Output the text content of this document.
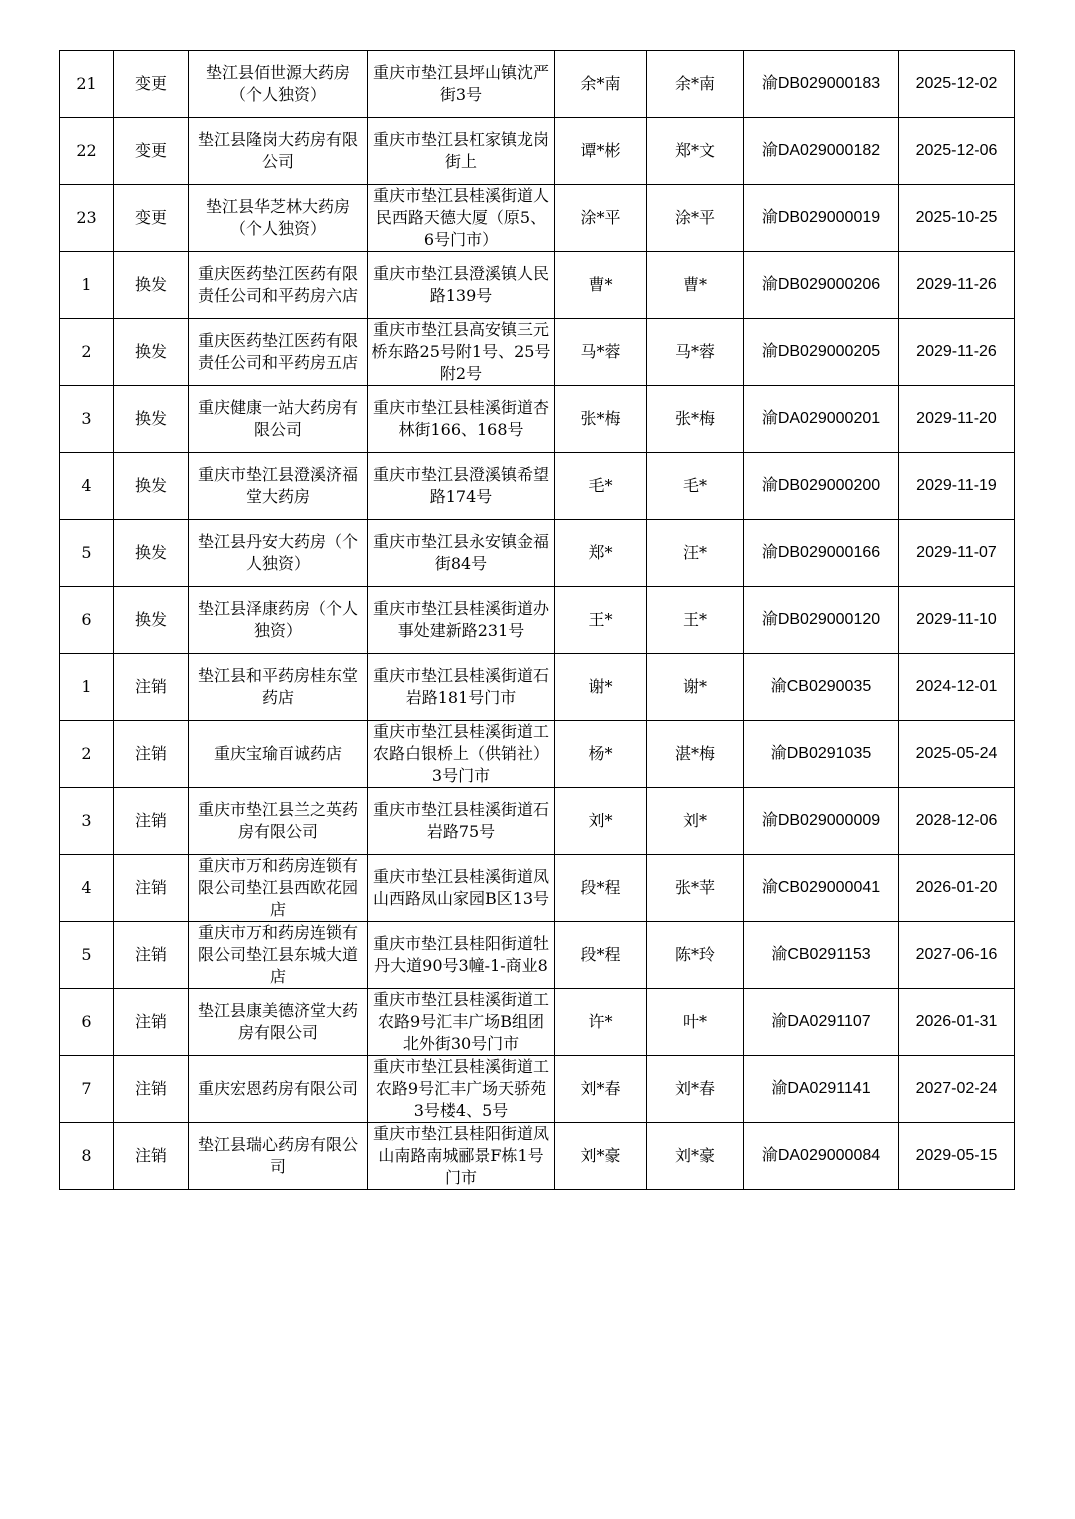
21	变更	垫江县佰世源大药房（个人独资）	重庆市垫江县坪山镇沈严街3号	余*南	余*南	渝DB029000183	2025-12-02
22	变更	垫江县隆岗大药房有限公司	重庆市垫江县杠家镇龙岗街上	谭*彬	郑*文	渝DA029000182	2025-12-06
23	变更	垫江县华芝林大药房（个人独资）	重庆市垫江县桂溪街道人民西路天德大厦（原5、6号门市）	涂*平	涂*平	渝DB029000019	2025-10-25
1	换发	重庆医药垫江医药有限责任公司和平药房六店	重庆市垫江县澄溪镇人民路139号	曹*	曹*	渝DB029000206	2029-11-26
2	换发	重庆医药垫江医药有限责任公司和平药房五店	重庆市垫江县高安镇三元桥东路25号附1号、25号附2号	马*蓉	马*蓉	渝DB029000205	2029-11-26
3	换发	重庆健康一站大药房有限公司	重庆市垫江县桂溪街道杏林街166、168号	张*梅	张*梅	渝DA029000201	2029-11-20
4	换发	重庆市垫江县澄溪济福堂大药房	重庆市垫江县澄溪镇希望路174号	毛*	毛*	渝DB029000200	2029-11-19
5	换发	垫江县丹安大药房（个人独资）	重庆市垫江县永安镇金福街84号	郑*	汪*	渝DB029000166	2029-11-07
6	换发	垫江县泽康药房（个人独资）	重庆市垫江县桂溪街道办事处建新路231号	王*	王*	渝DB029000120	2029-11-10
1	注销	垫江县和平药房桂东堂药店	重庆市垫江县桂溪街道石岩路181号门市	谢*	谢*	渝CB0290035	2024-12-01
2	注销	重庆宝瑜百诚药店	重庆市垫江县桂溪街道工农路白银桥上（供销社）3号门市	杨*	湛*梅	渝DB0291035	2025-05-24
3	注销	重庆市垫江县兰之英药房有限公司	重庆市垫江县桂溪街道石岩路75号	刘*	刘*	渝DB029000009	2028-12-06
4	注销	重庆市万和药房连锁有限公司垫江县西欧花园店	重庆市垫江县桂溪街道凤山西路凤山家园B区13号	段*程	张*苹	渝CB029000041	2026-01-20
5	注销	重庆市万和药房连锁有限公司垫江县东城大道店	重庆市垫江县桂阳街道牡丹大道90号3幢-1-商业8	段*程	陈*玲	渝CB0291153	2027-06-16
6	注销	垫江县康美德济堂大药房有限公司	重庆市垫江县桂溪街道工农路9号汇丰广场B组团北外街30号门市	许*	叶*	渝DA0291107	2026-01-31
7	注销	重庆宏恩药房有限公司	重庆市垫江县桂溪街道工农路9号汇丰广场天骄苑3号楼4、5号	刘*春	刘*春	渝DA0291141	2027-02-24
8	注销	垫江县瑞心药房有限公司	重庆市垫江县桂阳街道凤山南路南城郦景F栋1号门市	刘*豪	刘*豪	渝DA029000084	2029-05-15
